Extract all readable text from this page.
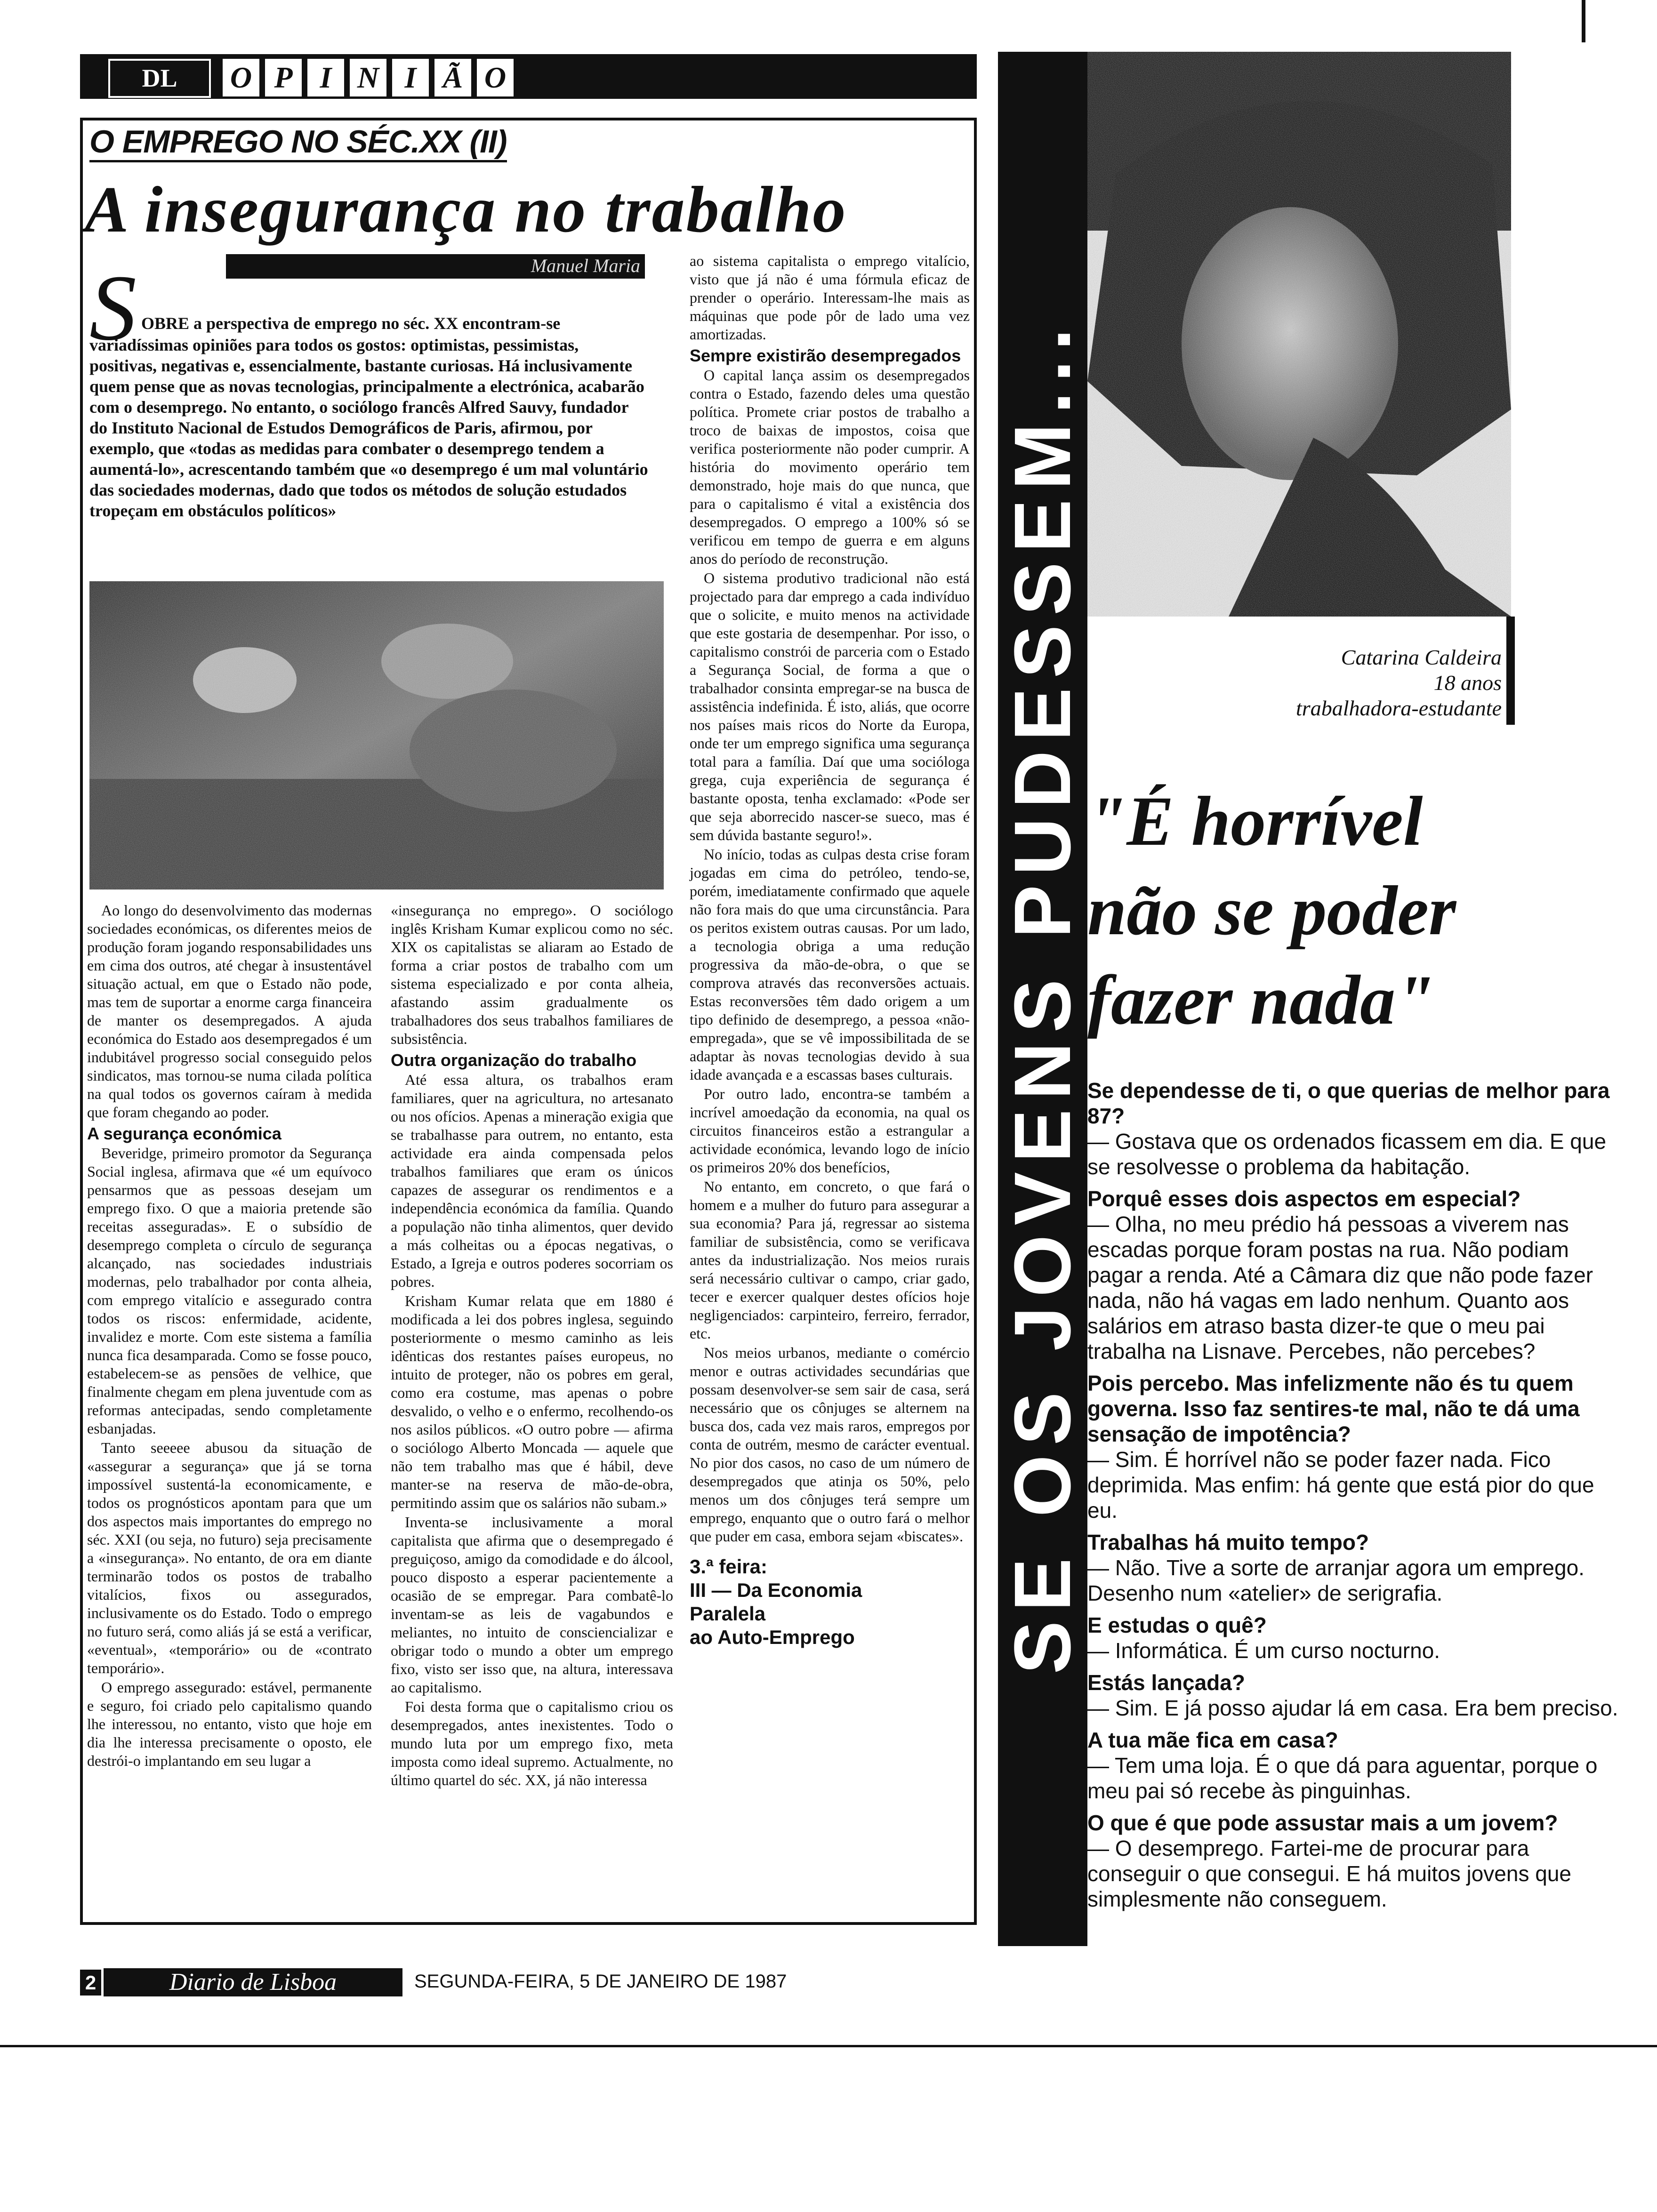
DL	O P I N I Ã O
O EMPREGO NO SÉC.XX (II)
A insegurança no trabalho
Manuel Maria
S OBRE a perspectiva de emprego no séc. XX encontram-se
variadíssimas opiniões para todos os gostos: optimistas, pessimistas, positivas, negativas e, essencialmente, bastante curiosas. Há inclusivamente quem pense que as novas tecnologias, principalmente a electrónica, acabarão com o desemprego. No entanto, o sociólogo francês Alfred Sauvy, fundador do Instituto Nacional de Estudos Demográficos de Paris, afirmou, por exemplo, que «todas as medidas para combater o desemprego tendem a aumentá-lo», acrescentando também que «o desemprego é um mal voluntário das sociedades modernas, dado que todos os métodos de solução estudados tropeçam em obstáculos políticos»

Ao longo do desenvolvimento das modernas sociedades económicas, os diferentes meios de produção foram jogando responsabilidades uns em cima dos outros, até chegar à insustentável situação actual, em que o Estado não pode, mas tem de suportar a enorme carga financeira de manter os desempregados. A ajuda económica do Estado aos desempregados é um indubitável progresso social conseguido pelos sindicatos, mas tornou-se numa cilada política na qual todos os governos caíram à medida que foram chegando ao poder.

A segurança económica

Beveridge, primeiro promotor da Segurança Social inglesa, afirmava que «é um equívoco pensarmos que as pessoas desejam um emprego fixo. O que a maioria pretende são receitas asseguradas». E o subsídio de desemprego completa o círculo de segurança alcançado, nas sociedades industriais modernas, pelo trabalhador por conta alheia, com emprego vitalício e assegurado contra todos os riscos: enfermidade, acidente, invalidez e morte. Com este sistema a família nunca fica desamparada. Como se fosse pouco, estabelecem-se as pensões de velhice, que finalmente chegam em plena juventude com as reformas antecipadas, sendo completamente esbanjadas.

Tanto seeeee abusou da situação de «assegurar a segurança» que já se torna impossível sustentá-la economicamente, e todos os prognósticos apontam para que um dos aspectos mais importantes do emprego no séc. XXI (ou seja, no futuro) seja precisamente a «insegurança». No entanto, de ora em diante terminarão todos os postos de trabalho vitalícios, fixos ou assegurados, inclusivamente os do Estado. Todo o emprego no futuro será, como aliás já se está a verificar, «eventual», «temporário» ou de «contrato temporário».

O emprego assegurado: estável, permanente e seguro, foi criado pelo capitalismo quando lhe interessou, no entanto, visto que hoje em dia lhe interessa precisamente o oposto, ele destrói-o implantando em seu lugar a

«insegurança no emprego». O sociólogo inglês Krisham Kumar explicou como no séc. XIX os capitalistas se aliaram ao Estado de forma a criar postos de trabalho com um sistema especializado e por conta alheia, afastando assim gradualmente os trabalhadores dos seus trabalhos familiares de subsistência.

Outra organização do trabalho

Até essa altura, os trabalhos eram familiares, quer na agricultura, no artesanato ou nos ofícios. Apenas a mineração exigia que se trabalhasse para outrem, no entanto, esta actividade era ainda compensada pelos trabalhos familiares que eram os únicos capazes de assegurar os rendimentos e a independência económica da família. Quando a população não tinha alimentos, quer devido a más colheitas ou a épocas negativas, o Estado, a Igreja e outros poderes socorriam os pobres.

Krisham Kumar relata que em 1880 é modificada a lei dos pobres inglesa, seguindo posteriormente o mesmo caminho as leis idênticas dos restantes países europeus, no intuito de proteger, não os pobres em geral, como era costume, mas apenas o pobre desvalido, o velho e o enfermo, recolhendo-os nos asilos públicos. «O outro pobre — afirma o sociólogo Alberto Moncada — aquele que não tem trabalho mas que é hábil, deve manter-se na reserva de mão-de-obra, permitindo assim que os salários não subam.»

Inventa-se inclusivamente a moral capitalista que afirma que o desempregado é preguiçoso, amigo da comodidade e do álcool, pouco disposto a esperar pacientemente a ocasião de se empregar. Para combatê-lo inventam-se as leis de vagabundos e meliantes, no intuito de consciencializar e obrigar todo o mundo a obter um emprego fixo, visto ser isso que, na altura, interessava ao capitalismo.

Foi desta forma que o capitalismo criou os desempregados, antes inexistentes. Todo o mundo luta por um emprego fixo, meta imposta como ideal supremo. Actualmente, no último quartel do séc. XX, já não interessa

ao sistema capitalista o emprego vitalício, visto que já não é uma fórmula eficaz de prender o operário. Interessam-lhe mais as máquinas que pode pôr de lado uma vez amortizadas.

Sempre existirão desempregados

O capital lança assim os desempregados contra o Estado, fazendo deles uma questão política. Promete criar postos de trabalho a troco de baixas de impostos, coisa que verifica posteriormente não poder cumprir. A história do movimento operário tem demonstrado, hoje mais do que nunca, que para o capitalismo é vital a existência dos desempregados. O emprego a 100% só se verificou em tempo de guerra e em alguns anos do período de reconstrução.

O sistema produtivo tradicional não está projectado para dar emprego a cada indivíduo que o solicite, e muito menos na actividade que este gostaria de desempenhar. Por isso, o capitalismo constrói de parceria com o Estado a Segurança Social, de forma a que o trabalhador consinta empregar-se na busca de assistência indefinida. É isto, aliás, que ocorre nos países mais ricos do Norte da Europa, onde ter um emprego significa uma segurança total para a família. Daí que uma socióloga grega, cuja experiência de segurança é bastante oposta, tenha exclamado: «Pode ser que seja aborrecido nascer-se sueco, mas é sem dúvida bastante seguro!».

No início, todas as culpas desta crise foram jogadas em cima do petróleo, tendo-se, porém, imediatamente confirmado que aquele não fora mais do que uma circunstância. Para os peritos existem outras causas. Por um lado, a tecnologia obriga a uma redução progressiva da mão-de-obra, o que se comprova através das reconversões actuais. Estas reconversões têm dado origem a um tipo definido de desemprego, a pessoa «não-empregada», que se vê impossibilitada de se adaptar às novas tecnologias devido à sua idade avançada e a escassas bases culturais.

Por outro lado, encontra-se também a incrível amoedação da economia, na qual os circuitos financeiros estão a estrangular a actividade económica, levando logo de início os primeiros 20% dos benefícios,

No entanto, em concreto, o que fará o homem e a mulher do futuro para assegurar a sua economia? Para já, regressar ao sistema familiar de subsistência, como se verificava antes da industrialização. Nos meios rurais será necessário cultivar o campo, criar gado, tecer e exercer qualquer destes ofícios hoje negligenciados: carpinteiro, ferreiro, ferrador, etc.

Nos meios urbanos, mediante o comércio menor e outras actividades secundárias que possam desenvolver-se sem sair de casa, será necessário que os cônjuges se alternem na busca dos, cada vez mais raros, empregos por conta de outrém, mesmo de carácter eventual. No pior dos casos, no caso de um número de desempregados que atinja os 50%, pelo menos um dos cônjuges terá sempre um emprego, enquanto que o outro fará o melhor que puder em casa, embora sejam «biscates».

3.ª feira:
III — Da Economia
Paralela
ao Auto-Emprego
2	Diario de Lisboa	SEGUNDA-FEIRA, 5 DE JANEIRO DE 1987
SE OS JOVENS PUDESSEM...	Catarina Caldeira
18 anos
trabalhadora-estudante
"É horrível
não se poder
fazer nada"
Se dependesse de ti, o que querias de melhor para 87?
— Gostava que os ordenados ficassem em dia. E que se resolvesse o problema da habitação.
Porquê esses dois aspectos em especial?
— Olha, no meu prédio há pessoas a viverem nas escadas porque foram postas na rua. Não podiam pagar a renda. Até a Câmara diz que não pode fazer nada, não há vagas em lado nenhum. Quanto aos salários em atraso basta dizer-te que o meu pai trabalha na Lisnave. Percebes, não percebes?
Pois percebo. Mas infelizmente não és tu quem governa. Isso faz sentires-te mal, não te dá uma sensação de impotência?
— Sim. É horrível não se poder fazer nada. Fico deprimida. Mas enfim: há gente que está pior do que eu.
Trabalhas há muito tempo?
— Não. Tive a sorte de arranjar agora um emprego. Desenho num «atelier» de serigrafia.
E estudas o quê?
— Informática. É um curso nocturno.
Estás lançada?
— Sim. E já posso ajudar lá em casa. Era bem preciso.
A tua mãe fica em casa?
— Tem uma loja. É o que dá para aguentar, porque o meu pai só recebe às pinguinhas.
O que é que pode assustar mais a um jovem?
— O desemprego. Fartei-me de procurar para conseguir o que consegui. E há muitos jovens que simplesmente não conseguem.
